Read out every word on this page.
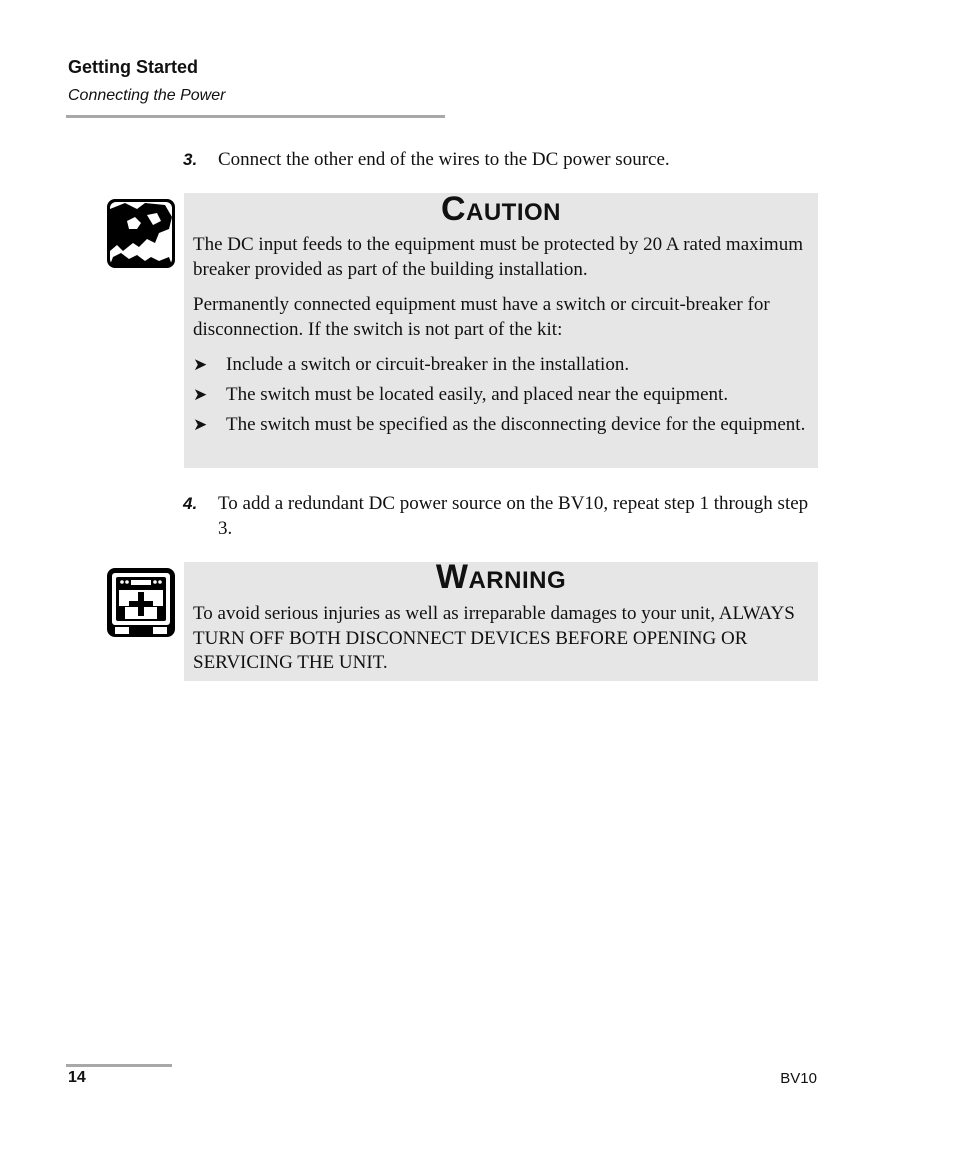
Getting Started
Connecting the Power
3. Connect the other end of the wires to the DC power source.
Caution
The DC input feeds to the equipment must be protected by 20 A rated maximum breaker provided as part of the building installation.
Permanently connected equipment must have a switch or circuit-breaker for disconnection. If the switch is not part of the kit:
➤ Include a switch or circuit-breaker in the installation.
➤ The switch must be located easily, and placed near the equipment.
➤ The switch must be specified as the disconnecting device for the equipment.
4. To add a redundant DC power source on the BV10, repeat step 1 through step 3.
Warning
To avoid serious injuries as well as irreparable damages to your unit, ALWAYS TURN OFF BOTH DISCONNECT DEVICES BEFORE OPENING OR SERVICING THE UNIT.
14	BV10
